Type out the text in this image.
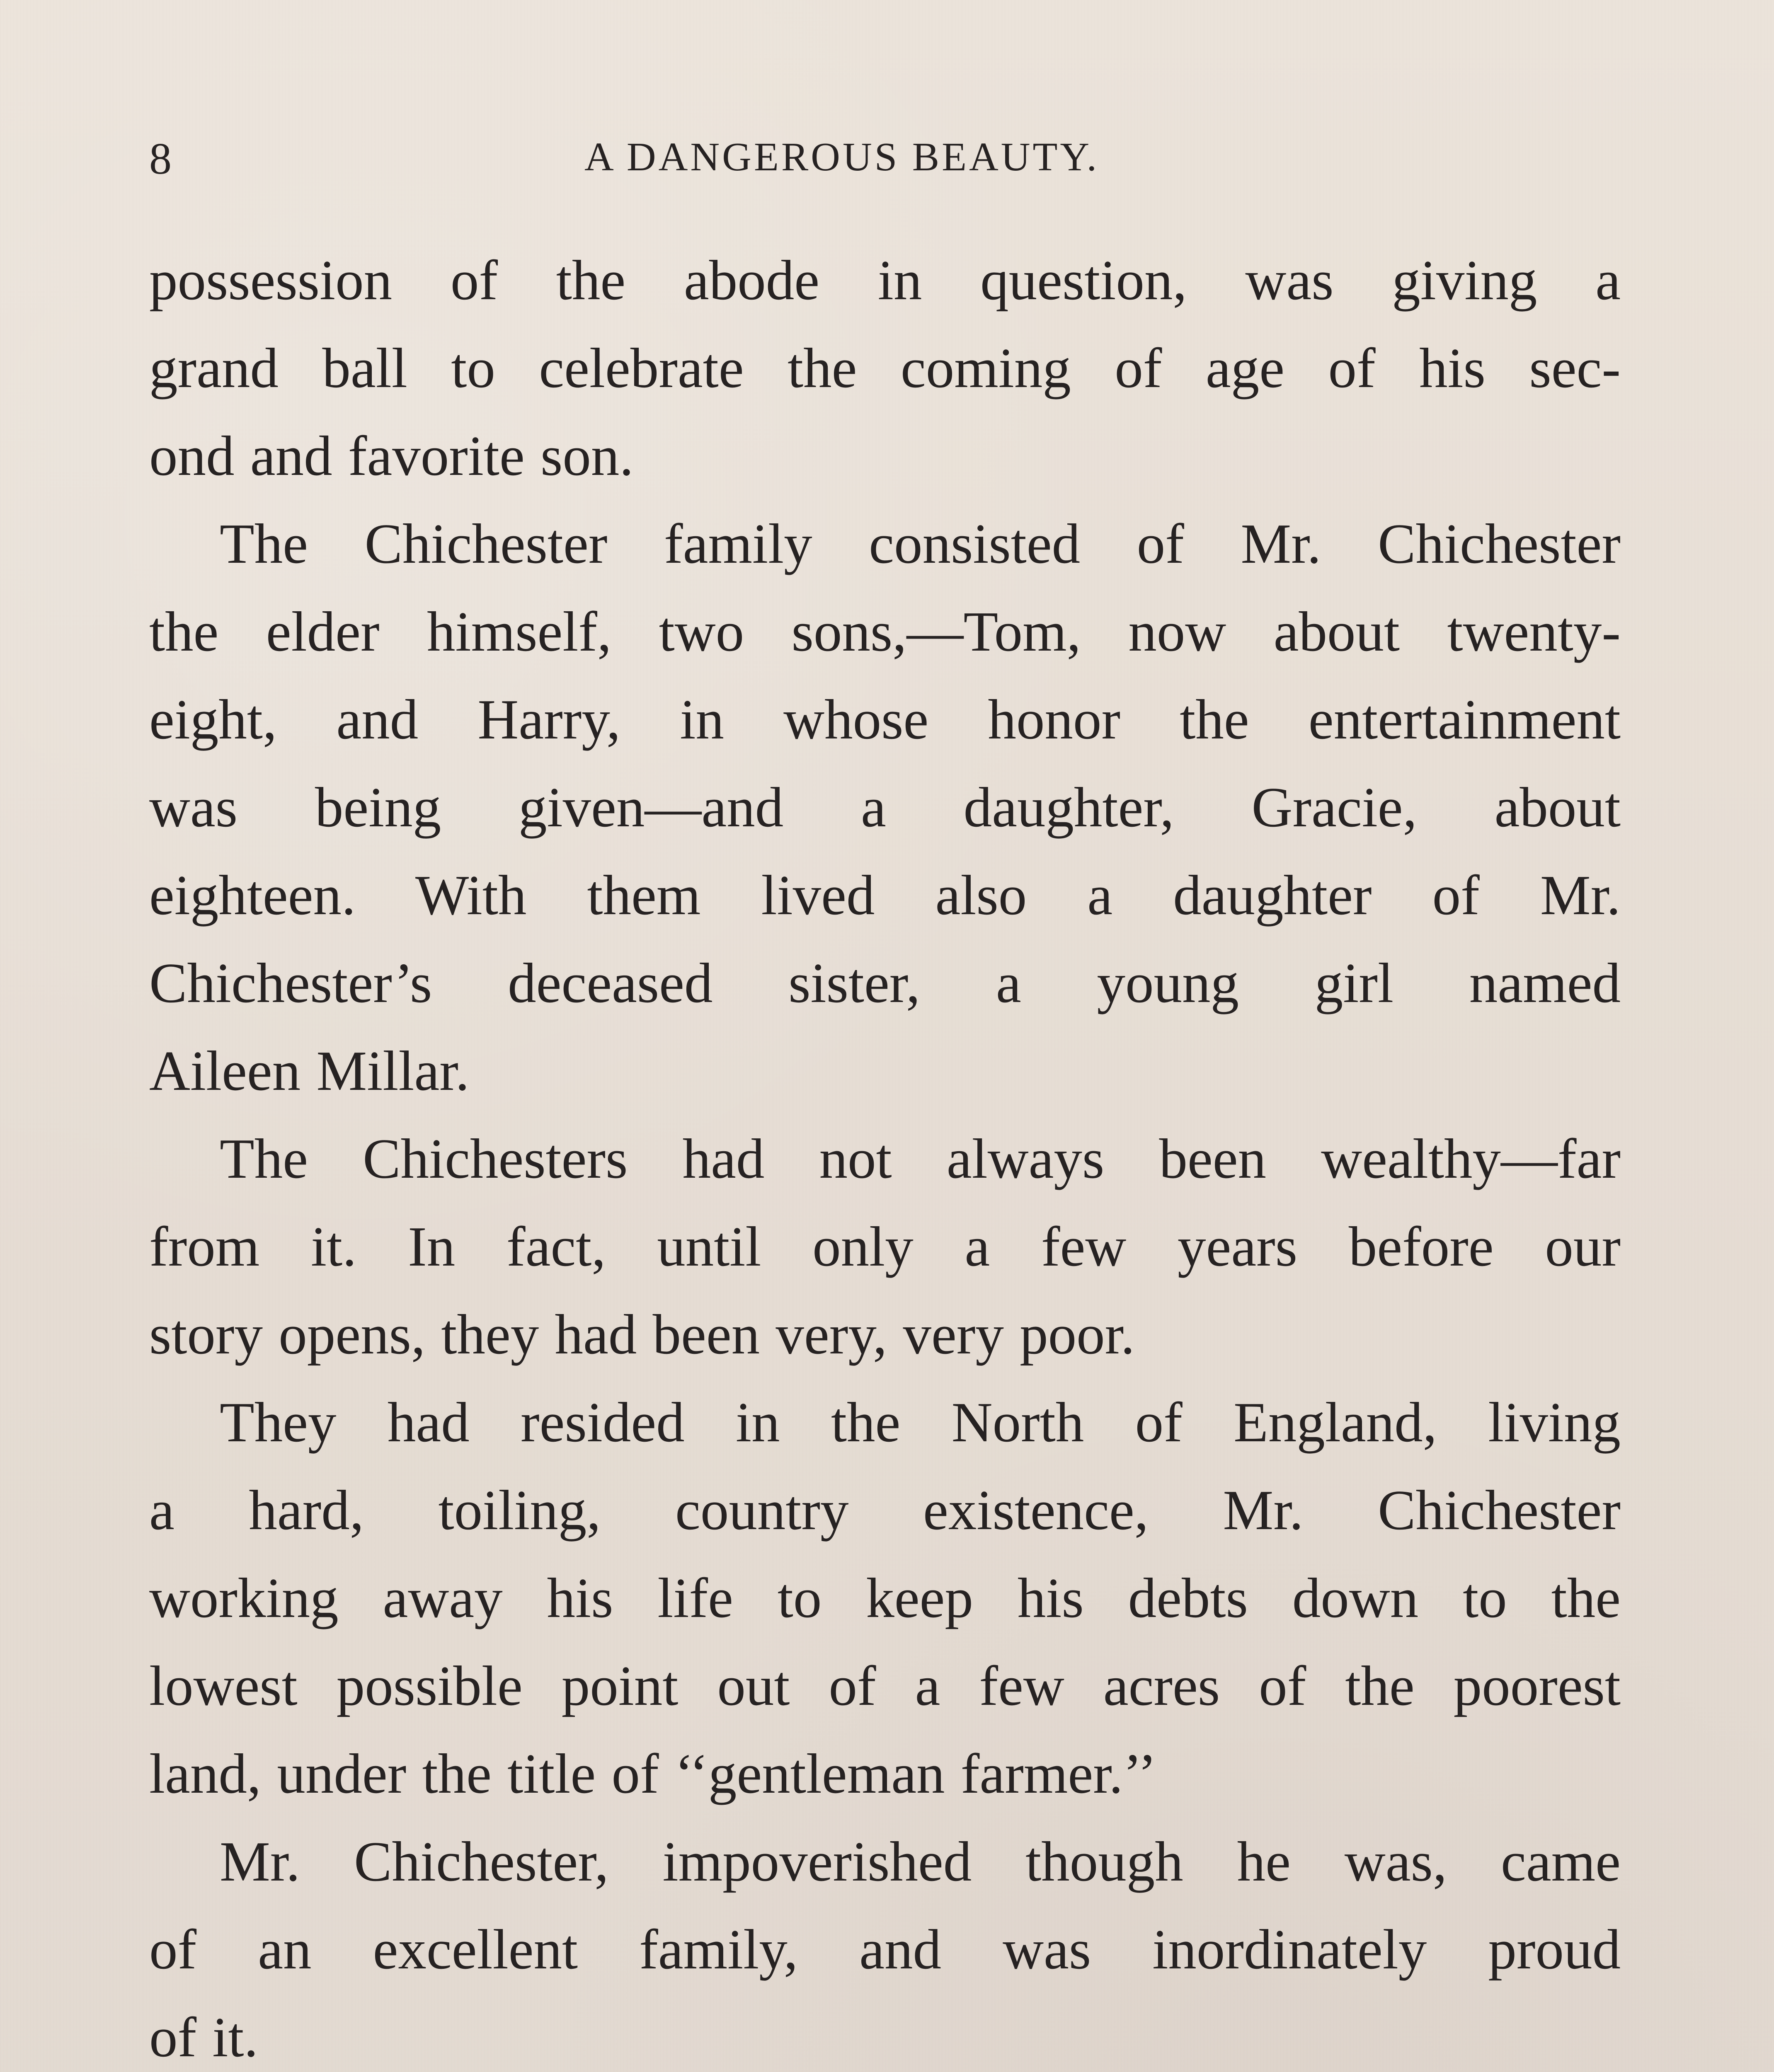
8	A DANGEROUS BEAUTY.
possession of the abode in question, was giving a
grand ball to celebrate the coming of age of his sec-
ond and favorite son.
The Chichester family consisted of Mr. Chichester
the elder himself, two sons,—Tom, now about twenty-
eight, and Harry, in whose honor the entertainment
was being given—and a daughter, Gracie, about
eighteen. With them lived also a daughter of Mr.
Chichester’s deceased sister, a young girl named
Aileen Millar.
The Chichesters had not always been wealthy—far
from it. In fact, until only a few years before our
story opens, they had been very, very poor.
They had resided in the North of England, living
a hard, toiling, country existence, Mr. Chichester
working away his life to keep his debts down to the
lowest possible point out of a few acres of the poorest
land, under the title of ‘‘gentleman farmer.’’
Mr. Chichester, impoverished though he was, came
of an excellent family, and was inordinately proud
of it.
